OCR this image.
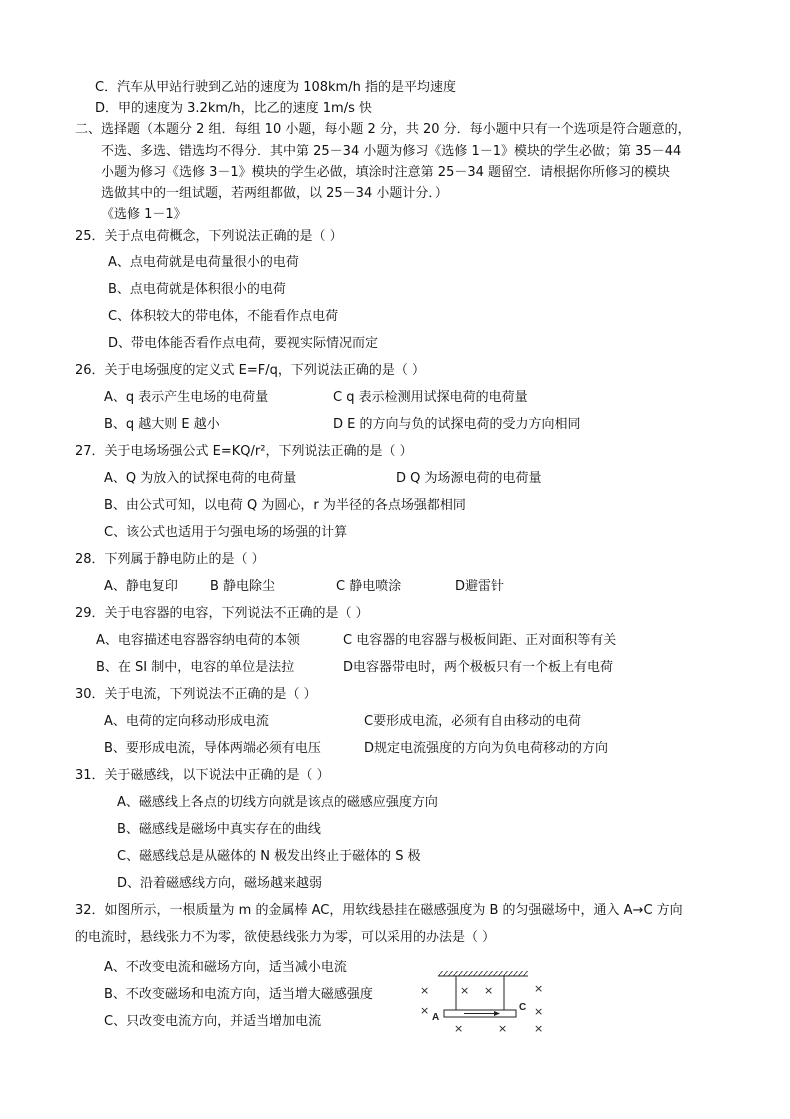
C．汽车从甲站行驶到乙站的速度为 108km/h 指的是平均速度
D．甲的速度为 3.2km/h，比乙的速度 1m/s 快
二、选择题（本题分 2 组．每组 10 小题，每小题 2 分，共 20 分．每小题中只有一个选项是符合题意的，
不选、多选、错选均不得分．其中第 25－34 小题为修习《选修 1－1》模块的学生必做；第 35－44
小题为修习《选修 3－1》模块的学生必做，填涂时注意第 25－34 题留空．请根据你所修习的模块
选做其中的一组试题，若两组都做，以 25－34 小题计分．）
《选修 1－1》
25．关于点电荷概念，下列说法正确的是（ ）
A、点电荷就是电荷量很小的电荷
B、点电荷就是体积很小的电荷
C、体积较大的带电体，不能看作点电荷
D、带电体能否看作点电荷，要视实际情况而定
26．关于电场强度的定义式 E=F/q，下列说法正确的是（ ）
A、q 表示产生电场的电荷量	C q 表示检测用试探电荷的电荷量
B、q 越大则 E 越小	D E 的方向与负的试探电荷的受力方向相同
27．关于电场场强公式 E=KQ/r²，下列说法正确的是（ ）
A、Q 为放入的试探电荷的电荷量	D Q 为场源电荷的电荷量
B、由公式可知，以电荷 Q 为圆心，r 为半径的各点场强都相同
C、该公式也适用于匀强电场的场强的计算
28．下列属于静电防止的是（ ）
A、静电复印 B 静电除尘	C 静电喷涂	D避雷针
29．关于电容器的电容，下列说法不正确的是（ ）
A、电容描述电容器容纳电荷的本领	C 电容器的电容器与极板间距、正对面积等有关
B、在 SI 制中，电容的单位是法拉	D电容器带电时，两个极板只有一个板上有电荷
30．关于电流，下列说法不正确的是（ ）
A、电荷的定向移动形成电流	C要形成电流，必须有自由移动的电荷
B、要形成电流，导体两端必须有电压	D规定电流强度的方向为负电荷移动的方向
31．关于磁感线，以下说法中正确的是（ ）
A、磁感线上各点的切线方向就是该点的磁感应强度方向
B、磁感线是磁场中真实存在的曲线
C、磁感线总是从磁体的 N 极发出终止于磁体的 S 极
D、沿着磁感线方向，磁场越来越弱
32．如图所示，一根质量为 m 的金属棒 AC，用软线悬挂在磁感强度为 B 的匀强磁场中，通入 A→C 方向
的电流时，悬线张力不为零，欲使悬线张力为零，可以采用的办法是（ ）
A、不改变电流和磁场方向，适当减小电流
B、不改变磁场和电流方向，适当增大磁感强度
C、只改变电流方向，并适当增加电流
×	× ×	×
×	×
×	× ×
A
C
